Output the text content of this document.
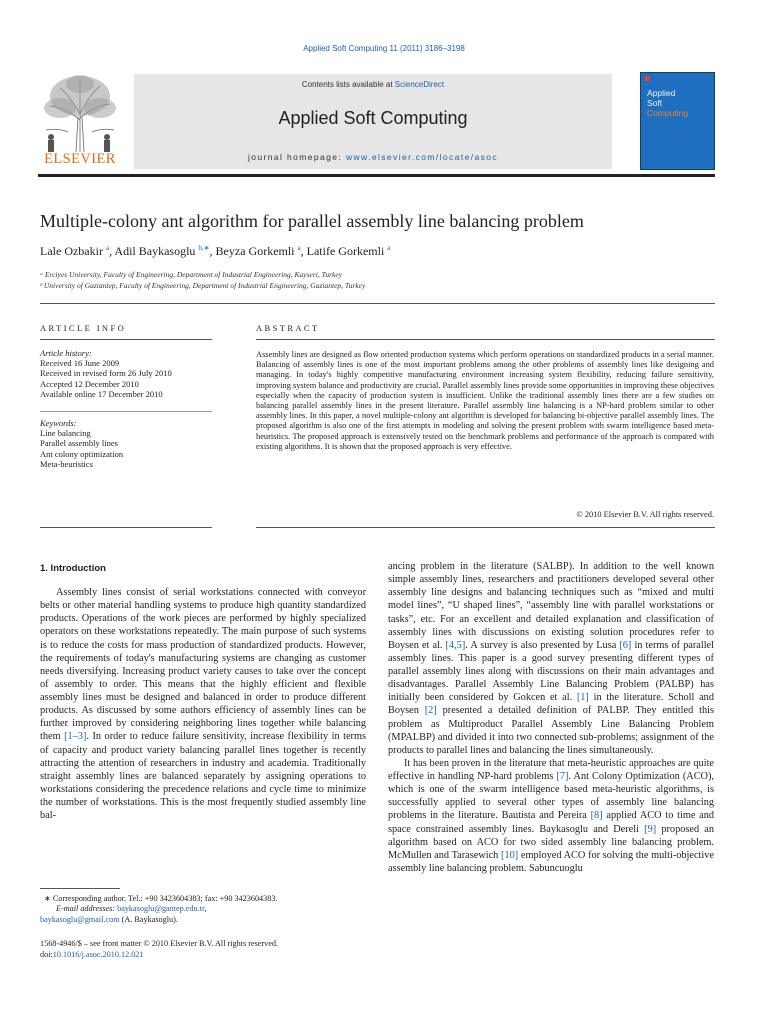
Applied Soft Computing 11 (2011) 3186–3198
ELSEVIER
Contents lists available at ScienceDirect
Applied Soft Computing
journal homepage: www.elsevier.com/locate/asoc
Applied
Soft
Computing
Multiple-colony ant algorithm for parallel assembly line balancing problem
Lale Ozbakir $^a$, Adil Baykasoglu $^{b,∗}$, Beyza Gorkemli $^a$, Latife Gorkemli $^a$
ᵃ Erciyes University, Faculty of Engineering, Department of Industrial Engineering, Kayseri, Turkey
ᵇ University of Gaziantep, Faculty of Engineering, Department of Industrial Engineering, Gaziantep, Turkey
ARTICLE INFO	ABSTRACT
Article history:
Received 16 June 2009
Received in revised form 26 July 2010
Accepted 12 December 2010
Available online 17 December 2010
Keywords:
Line balancing
Parallel assembly lines
Ant colony optimization
Meta-heuristics
Assembly lines are designed as flow oriented production systems which perform operations on standardized products in a serial manner. Balancing of assembly lines is one of the most important problems among the other problems of assembly lines like designing and managing. In today's highly competitive manufacturing environment increasing system flexibility, reducing failure sensitivity, improving system balance and productivity are crucial. Parallel assembly lines provide some opportunities in improving these objectives especially when the capacity of production system is insufficient. Unlike the traditional assembly lines there are a few studies on balancing parallel assembly lines in the present literature. Parallel assembly line balancing is a NP-hard problem similar to other assembly lines. In this paper, a novel multiple-colony ant algorithm is developed for balancing bi-objective parallel assembly lines. The proposed algorithm is also one of the first attempts in modeling and solving the present problem with swarm intelligence based meta-heuristics. The proposed approach is extensively tested on the benchmark problems and performance of the approach is compared with existing algorithms. It is shown that the proposed approach is very effective.
© 2010 Elsevier B.V. All rights reserved.
1. Introduction

Assembly lines consist of serial workstations connected with conveyor belts or other material handling systems to produce high quantity standardized products. Operations of the work pieces are performed by highly specialized operators on these workstations repeatedly. The main purpose of such systems is to reduce the costs for mass production of standardized products. However, the requirements of today's manufacturing systems are changing as customer needs diversifying. Increasing product variety causes to take over the concept of assembly to order. This means that the highly efficient and flexible assembly lines must be designed and balanced in order to produce different products. As discussed by some authors efficiency of assembly lines can be further improved by considering neighboring lines together while balancing them [1–3]. In order to reduce failure sensitivity, increase flexibility in terms of capacity and product variety balancing parallel lines together is recently attracting the attention of researchers in industry and academia. Traditionally straight assembly lines are balanced separately by assigning operations to workstations considering the precedence relations and cycle time to minimize the number of workstations. This is the most frequently studied assembly line bal-

ancing problem in the literature (SALBP). In addition to the well known simple assembly lines, researchers and practitioners developed several other assembly line designs and balancing techniques such as “mixed and multi model lines”, “U shaped lines”, “assembly line with parallel workstations or tasks”, etc. For an excellent and detailed explanation and classification of assembly lines with discussions on existing solution procedures refer to Boysen et al. [4,5]. A survey is also presented by Lusa [6] in terms of parallel assembly lines. This paper is a good survey presenting different types of parallel assembly lines along with discussions on their main advantages and disadvantages. Parallel Assembly Line Balancing Problem (PALBP) has initially been considered by Gokcen et al. [1] in the literature. Scholl and Boysen [2] presented a detailed definition of PALBP. They entitled this problem as Multiproduct Parallel Assembly Line Balancing Problem (MPALBP) and divided it into two connected sub-problems; assignment of the products to parallel lines and balancing the lines simultaneously.

It has been proven in the literature that meta-heuristic approaches are quite effective in handling NP-hard problems [7]. Ant Colony Optimization (ACO), which is one of the swarm intelligence based meta-heuristic algorithms, is successfully applied to several other types of assembly line balancing problems in the literature. Bautista and Pereira [8] applied ACO to time and space constrained assembly lines. Baykasoglu and Dereli [9] proposed an algorithm based on ACO for two sided assembly line balancing problem. McMullen and Tarasewich [10] employed ACO for solving the multi-objective assembly line balancing problem. Sabuncuoglu

∗ Corresponding author. Tel.: +90 3423604383; fax: +90 3423604383.
E-mail addresses: baykasoglu@gantep.edu.tr,
baykasoglu@gmail.com (A. Baykasoglu).
1568-4946/$ – see front matter © 2010 Elsevier B.V. All rights reserved.
doi:10.1016/j.asoc.2010.12.021
